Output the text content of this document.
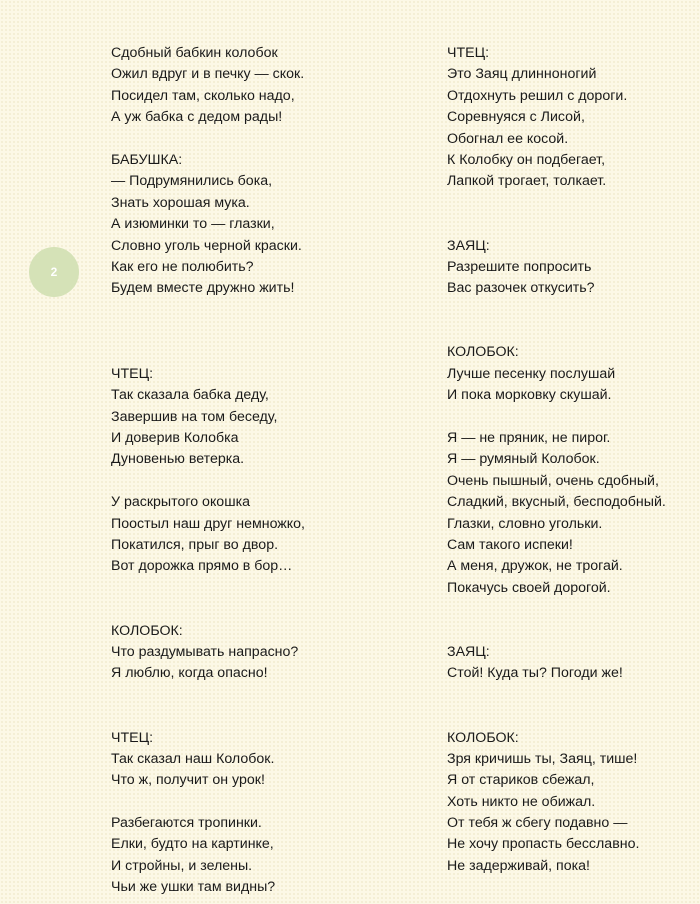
2
Сдобный бабкин колобок
Ожил вдруг и в печку — скок.
Посидел там, сколько надо,
А уж бабка с дедом рады!
БАБУШКА:
— Подрумянились бока,
Знать хорошая мука.
А изюминки то — глазки,
Словно уголь черной краски.
Как его не полюбить?
Будем вместе дружно жить!
ЧТЕЦ:
Так сказала бабка деду,
Завершив на том беседу,
И доверив Колобка
Дуновенью ветерка.
У раскрытого окошка
Поостыл наш друг немножко,
Покатился, прыг во двор.
Вот дорожка прямо в бор…
КОЛОБОК:
Что раздумывать напрасно?
Я люблю, когда опасно!
ЧТЕЦ:
Так сказал наш Колобок.
Что ж, получит он урок!
Разбегаются тропинки.
Елки, будто на картинке,
И стройны, и зелены.
Чьи же ушки там видны?
ЧТЕЦ:
Это Заяц длинноногий
Отдохнуть решил с дороги.
Соревнуяся с Лисой,
Обогнал ее косой.
К Колобку он подбегает,
Лапкой трогает, толкает.
ЗАЯЦ:
Разрешите попросить
Вас разочек откусить?
КОЛОБОК:
Лучше песенку послушай
И пока морковку скушай.
Я — не пряник, не пирог.
Я — румяный Колобок.
Очень пышный, очень сдобный,
Сладкий, вкусный, бесподобный.
Глазки, словно угольки.
Сам такого испеки!
А меня, дружок, не трогай.
Покачусь своей дорогой.
ЗАЯЦ:
Стой! Куда ты? Погоди же!
КОЛОБОК:
Зря кричишь ты, Заяц, тише!
Я от стариков сбежал,
Хоть никто не обижал.
От тебя ж сбегу подавно —
Не хочу пропасть бесславно.
Не задерживай, пока!
